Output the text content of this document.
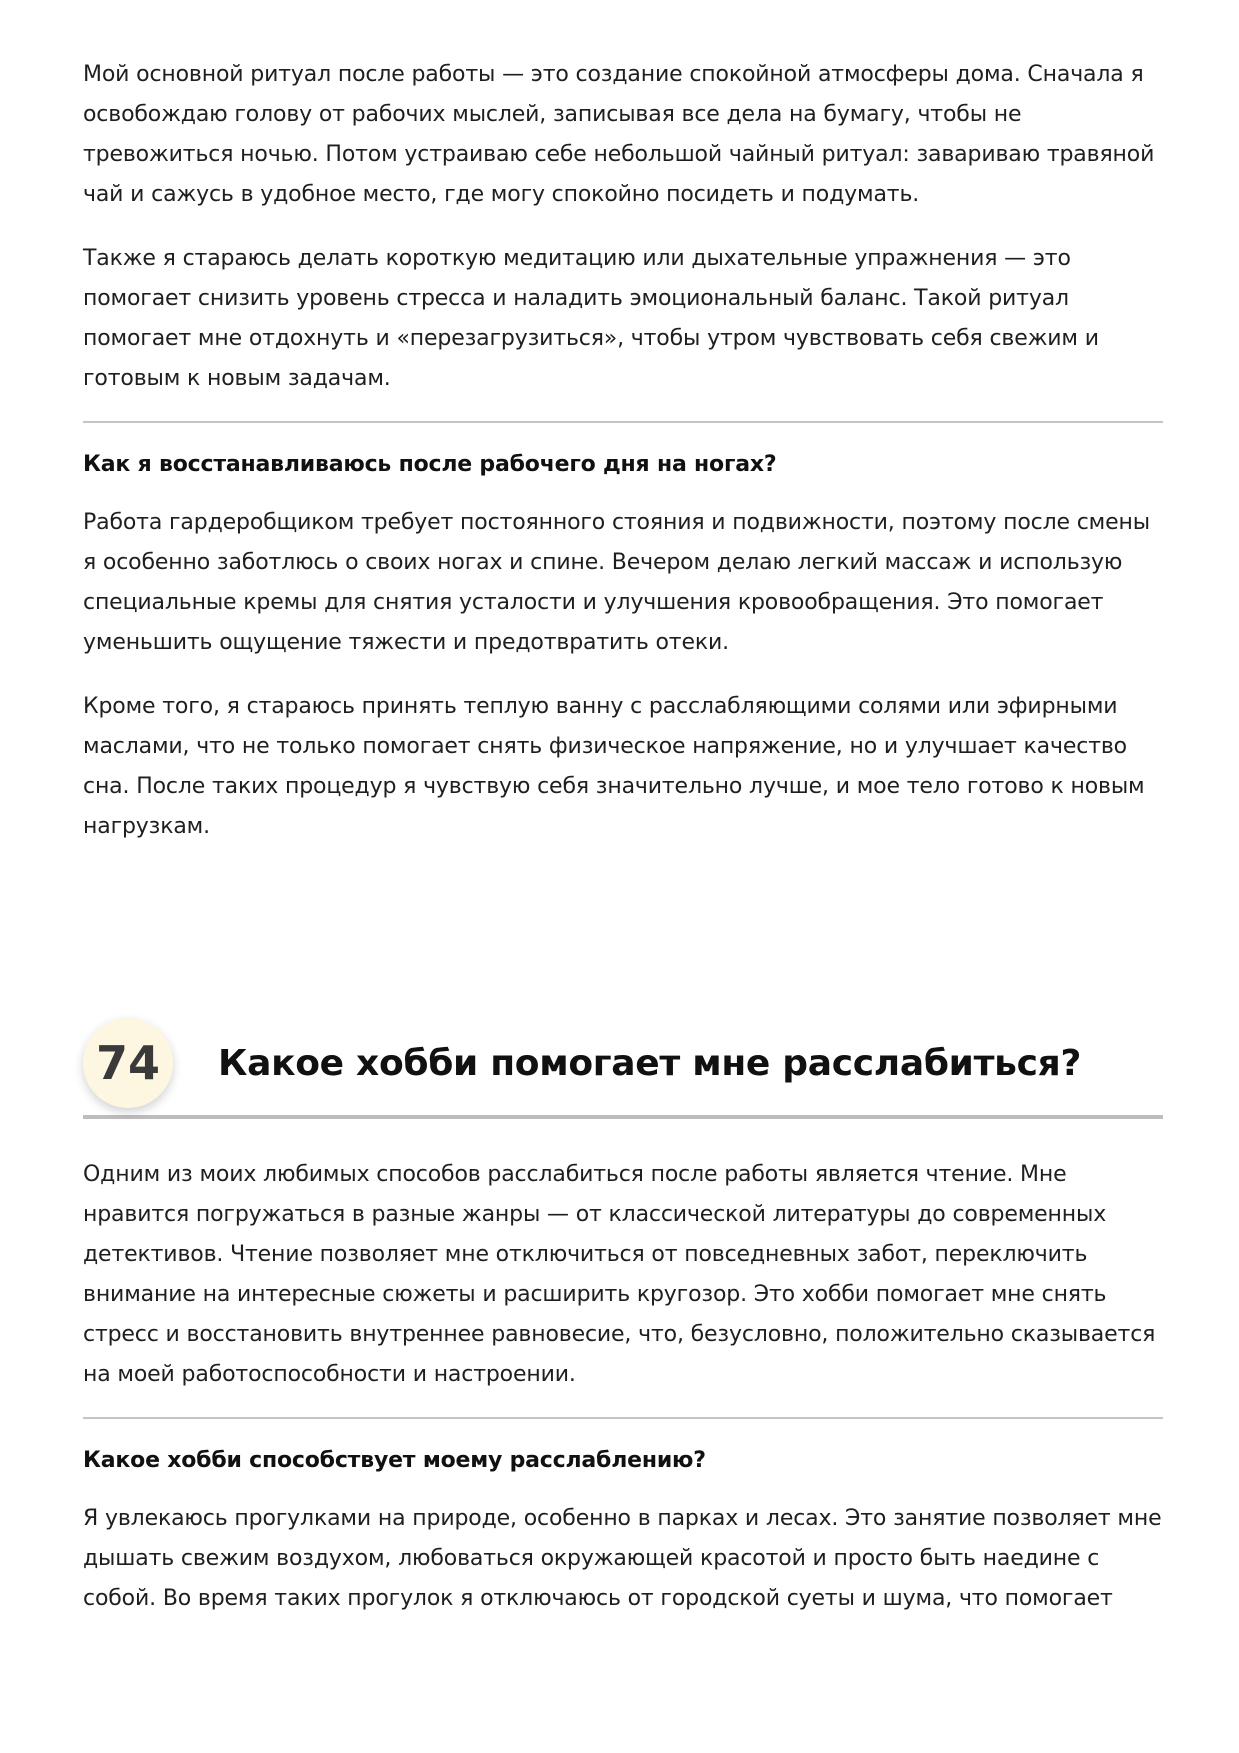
Мой основной ритуал после работы — это создание спокойной атмосферы дома. Сначала я освобождаю голову от рабочих мыслей, записывая все дела на бумагу, чтобы не тревожиться ночью. Потом устраиваю себе небольшой чайный ритуал: завариваю травяной чай и сажусь в удобное место, где могу спокойно посидеть и подумать.

Также я стараюсь делать короткую медитацию или дыхательные упражнения — это помогает снизить уровень стресса и наладить эмоциональный баланс. Такой ритуал помогает мне отдохнуть и «перезагрузиться», чтобы утром чувствовать себя свежим и готовым к новым задачам.

Как я восстанавливаюсь после рабочего дня на ногах?

Работа гардеробщиком требует постоянного стояния и подвижности, поэтому после смены я особенно заботлюсь о своих ногах и спине. Вечером делаю легкий массаж и использую специальные кремы для снятия усталости и улучшения кровообращения. Это помогает уменьшить ощущение тяжести и предотвратить отеки.

Кроме того, я стараюсь принять теплую ванну с расслабляющими солями или эфирными маслами, что не только помогает снять физическое напряжение, но и улучшает качество сна. После таких процедур я чувствую себя значительно лучше, и мое тело готово к новым нагрузкам.

74	Какое хобби помогает мне расслабиться?

Одним из моих любимых способов расслабиться после работы является чтение. Мне нравится погружаться в разные жанры — от классической литературы до современных детективов. Чтение позволяет мне отключиться от повседневных забот, переключить внимание на интересные сюжеты и расширить кругозор. Это хобби помогает мне снять стресс и восстановить внутреннее равновесие, что, безусловно, положительно сказывается на моей работоспособности и настроении.

Какое хобби способствует моему расслаблению?

Я увлекаюсь прогулками на природе, особенно в парках и лесах. Это занятие позволяет мне дышать свежим воздухом, любоваться окружающей красотой и просто быть наедине с собой. Во время таких прогулок я отключаюсь от городской суеты и шума, что помогает
